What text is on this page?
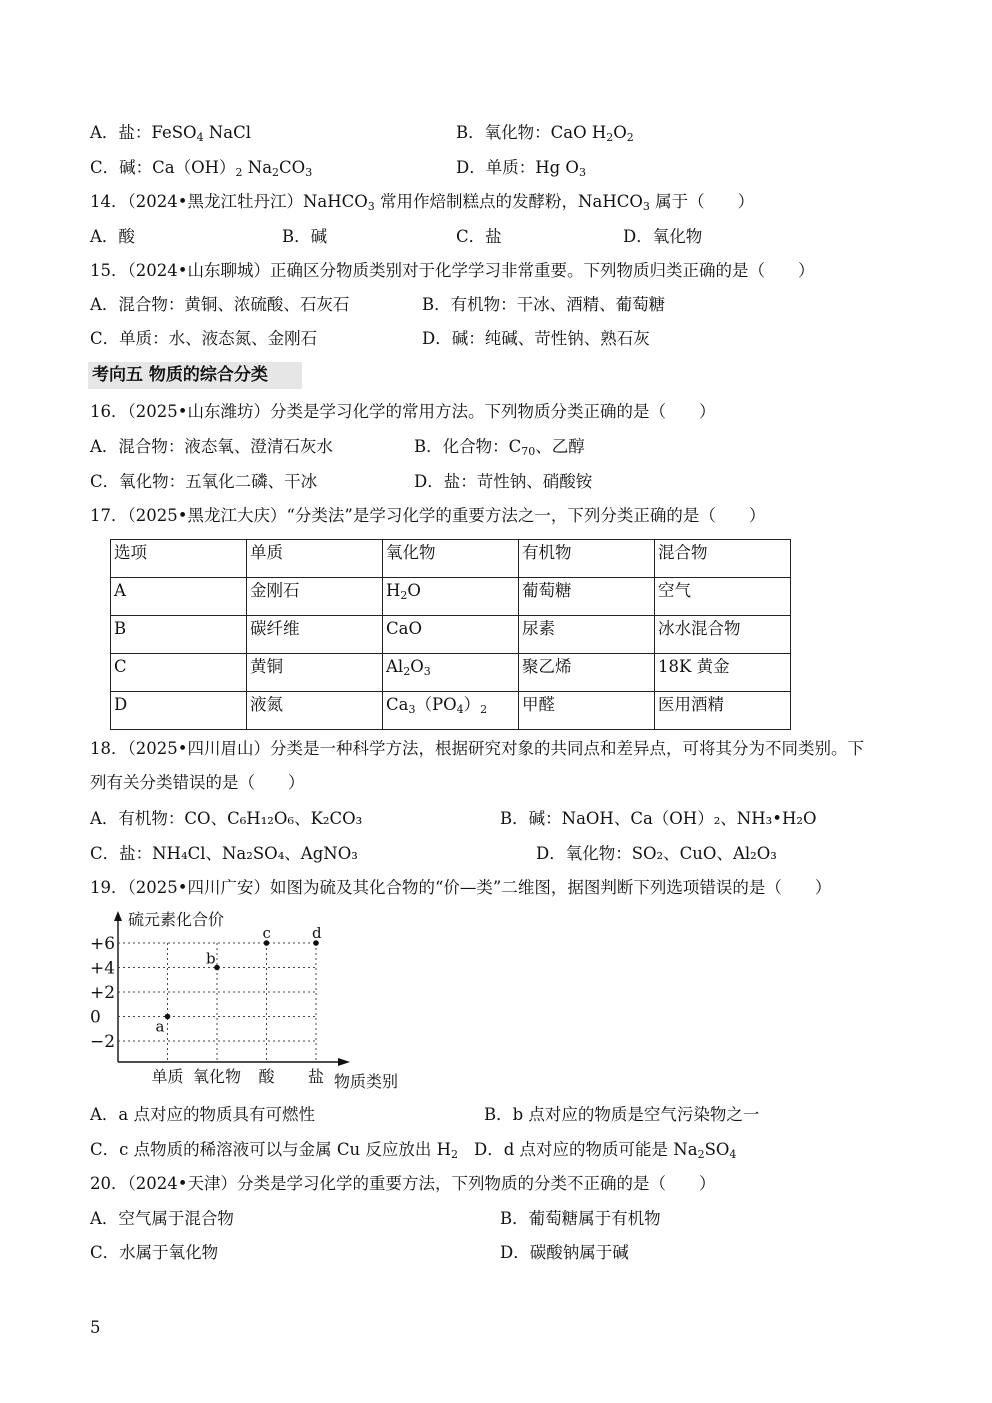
A．盐：FeSO$_4$ NaCl	B．氧化物：CaO $H_2O_2$
C．碱：$Ca(OH)_2$ $Na_2CO_3$	D．单质：Hg $O_3$
14．（2024•黑龙江牡丹江）NaHCO$_3$ 常用作焙制糕点的发酵粉，NaHCO$_3$ 属于（　　）
A．酸	B．碱	C．盐	D．氧化物
15．（2024•山东聊城）正确区分物质类别对于化学学习非常重要。下列物质归类正确的是（　　）
A．混合物：黄铜、浓硫酸、石灰石	B．有机物：干冰、酒精、葡萄糖
C．单质：水、液态氮、金刚石	D．碱：纯碱、苛性钠、熟石灰
考向五 物质的综合分类
16．（2025•山东潍坊）分类是学习化学的常用方法。下列物质分类正确的是（　　）
A．混合物：液态氧、澄清石灰水	B．化合物：$C_{70}$、乙醇
C．氧化物：五氧化二磷、干冰	D．盐：苛性钠、硝酸铵
17．（2025•黑龙江大庆）“分类法”是学习化学的重要方法之一，下列分类正确的是（　　）
选项	单质	氧化物	有机物	混合物
A	金刚石	$H_2O$	葡萄糖	空气
B	碳纤维	CaO	尿素	冰水混合物
C	黄铜	$Al_2O_3$	聚乙烯	18K 黄金
D	液氮	$Ca_3(PO_4)_2$	甲醛	医用酒精
18．（2025•四川眉山）分类是一种科学方法，根据研究对象的共同点和差异点，可将其分为不同类别。下
列有关分类错误的是（　　）
A．有机物：CO、C₆H₁₂O₆、K₂CO₃	B．碱：NaOH、Ca（OH）₂、NH₃•H₂O
C．盐：NH₄Cl、Na₂SO₄、AgNO₃	D．氧化物：SO₂、CuO、Al₂O₃
19．（2025•四川广安）如图为硫及其化合物的“价—类”二维图，据图判断下列选项错误的是（　　）
+6
+4
+2
0
−2
单质 氧化物 酸 盐
硫元素化合价
物质类别
a
b
c	d
A．a 点对应的物质具有可燃性	B．b 点对应的物质是空气污染物之一
C．c 点物质的稀溶液可以与金属 Cu 反应放出 $H_2$ D．d 点对应的物质可能是 $Na_2SO_4$
20．（2024•天津）分类是学习化学的重要方法，下列物质的分类不正确的是（　　）
A．空气属于混合物	B．葡萄糖属于有机物
C．水属于氧化物	D．碳酸钠属于碱
5
